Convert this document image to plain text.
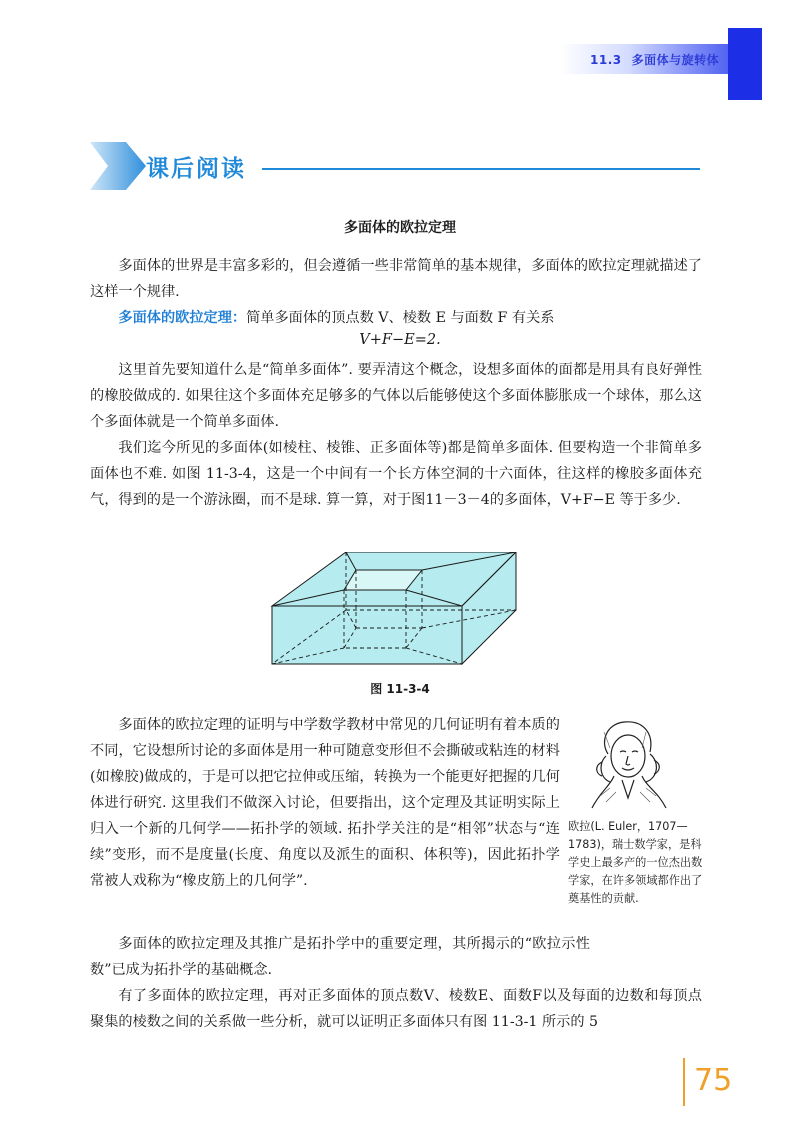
11.3 多面体与旋转体
课后阅读
多面体的欧拉定理
多面体的世界是丰富多彩的，但会遵循一些非常简单的基本规律，多面体的欧拉定理就描述了这样一个规律.
多面体的欧拉定理：简单多面体的顶点数 V、棱数 E 与面数 F 有关系
V+F−E=2.
这里首先要知道什么是“简单多面体”. 要弄清这个概念，设想多面体的面都是用具有良好弹性的橡胶做成的. 如果往这个多面体充足够多的气体以后能够使这个多面体膨胀成一个球体，那么这个多面体就是一个简单多面体.
我们迄今所见的多面体(如棱柱、棱锥、正多面体等)都是简单多面体. 但要构造一个非简单多面体也不难. 如图 11-3-4，这是一个中间有一个长方体空洞的十六面体，往这样的橡胶多面体充气，得到的是一个游泳圈，而不是球. 算一算，对于图11－3－4的多面体，V+F−E 等于多少.
图 11-3-4
多面体的欧拉定理的证明与中学数学教材中常见的几何证明有着本质的不同，它设想所讨论的多面体是用一种可随意变形但不会撕破或粘连的材料(如橡胶)做成的，于是可以把它拉伸或压缩，转换为一个能更好把握的几何体进行研究. 这里我们不做深入讨论，但要指出，这个定理及其证明实际上归入一个新的几何学——拓扑学的领域. 拓扑学关注的是“相邻”状态与“连续”变形，而不是度量(长度、角度以及派生的面积、体积等)，因此拓扑学常被人戏称为“橡皮筋上的几何学”.
欧拉(L. Euler，1707—1783)，瑞士数学家，是科学史上最多产的一位杰出数学家，在许多领域都作出了奠基性的贡献.
多面体的欧拉定理及其推广是拓扑学中的重要定理，其所揭示的“欧拉示性数”已成为拓扑学的基础概念.
有了多面体的欧拉定理，再对正多面体的顶点数V、棱数E、面数F以及每面的边数和每顶点聚集的棱数之间的关系做一些分析，就可以证明正多面体只有图 11-3-1 所示的 5
75
